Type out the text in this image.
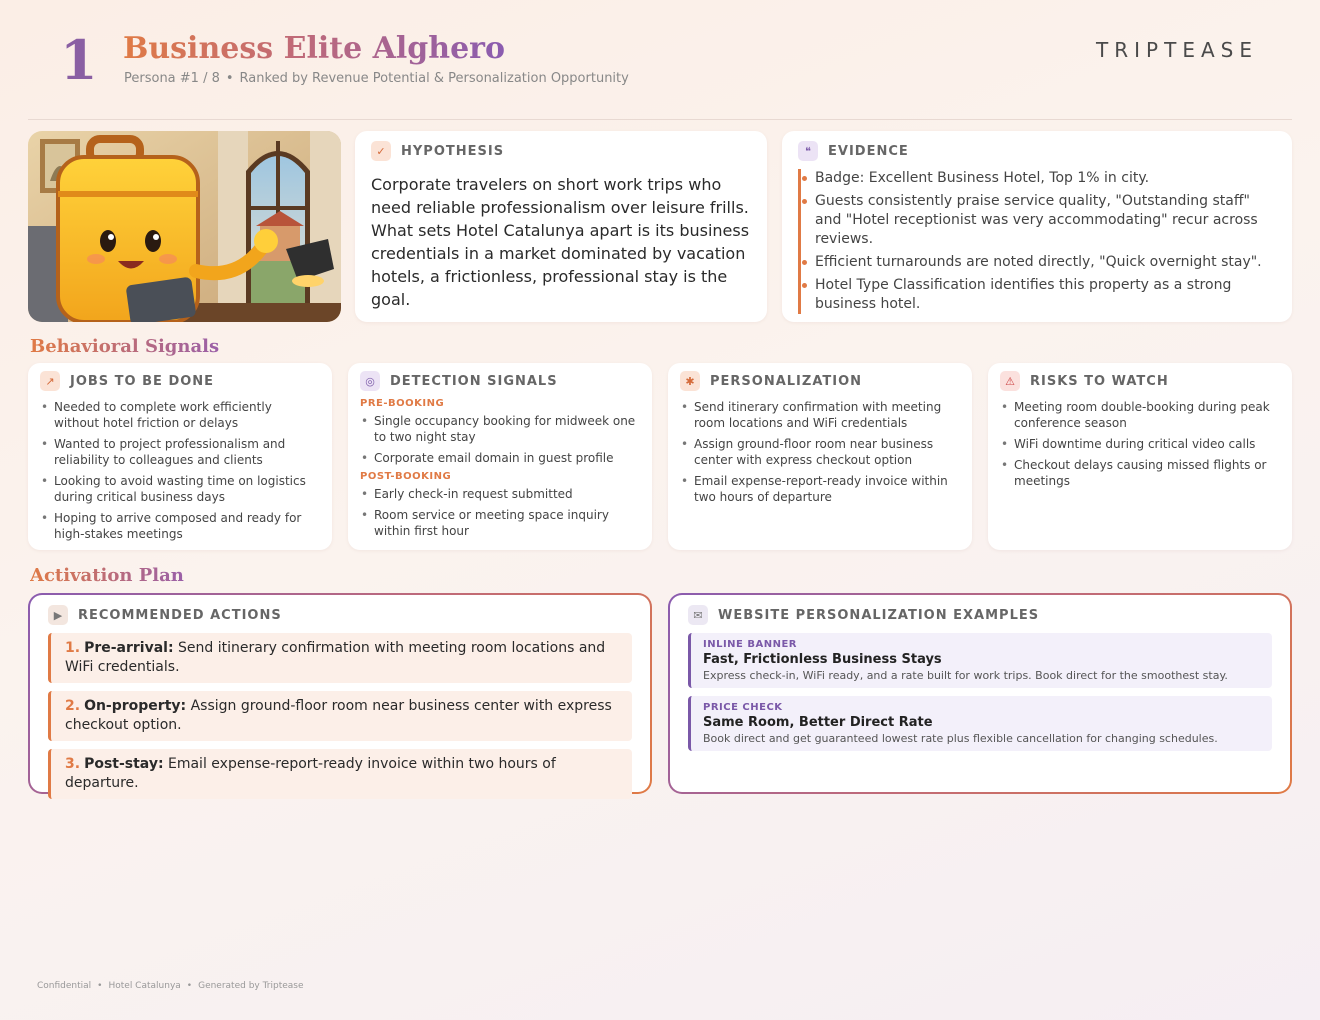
1 Business Elite Alghero
Persona #1 / 8 • Ranked by Revenue Potential & Personalization Opportunity
TRIPTEASE
✓	HYPOTHESIS
Corporate travelers on short work trips who need reliable professionalism over leisure frills. What sets Hotel Catalunya apart is its business credentials in a market dominated by vacation hotels, a frictionless, professional stay is the goal.
❝	EVIDENCE
Badge: Excellent Business Hotel, Top 1% in city.
Guests consistently praise service quality, "Outstanding staff" and "Hotel receptionist was very accommodating" recur across reviews.
Efficient turnarounds are noted directly, "Quick overnight stay".
Hotel Type Classification identifies this property as a strong business hotel.
Behavioral Signals
↗	JOBS TO BE DONE
• Needed to complete work efficiently without hotel friction or delays
• Wanted to project professionalism and reliability to colleagues and clients
• Looking to avoid wasting time on logistics during critical business days
• Hoping to arrive composed and ready for high-stakes meetings
◎	DETECTION SIGNALS
PRE-BOOKING
• Single occupancy booking for midweek one to two night stay
• Corporate email domain in guest profile
POST-BOOKING
• Early check-in request submitted
• Room service or meeting space inquiry within first hour
✱	PERSONALIZATION
• Send itinerary confirmation with meeting room locations and WiFi credentials
• Assign ground-floor room near business center with express checkout option
• Email expense-report-ready invoice within two hours of departure
⚠	RISKS TO WATCH
• Meeting room double-booking during peak conference season
• WiFi downtime during critical video calls
• Checkout delays causing missed flights or meetings
Activation Plan
▶	RECOMMENDED ACTIONS
1. Pre-arrival: Send itinerary confirmation with meeting room locations and WiFi credentials.
2. On-property: Assign ground-floor room near business center with express checkout option.
3. Post-stay: Email expense-report-ready invoice within two hours of departure.
✉	WEBSITE PERSONALIZATION EXAMPLES
INLINE BANNER
Fast, Frictionless Business Stays
Express check-in, WiFi ready, and a rate built for work trips. Book direct for the smoothest stay.
PRICE CHECK
Same Room, Better Direct Rate
Book direct and get guaranteed lowest rate plus flexible cancellation for changing schedules.
Confidential • Hotel Catalunya • Generated by Triptease
